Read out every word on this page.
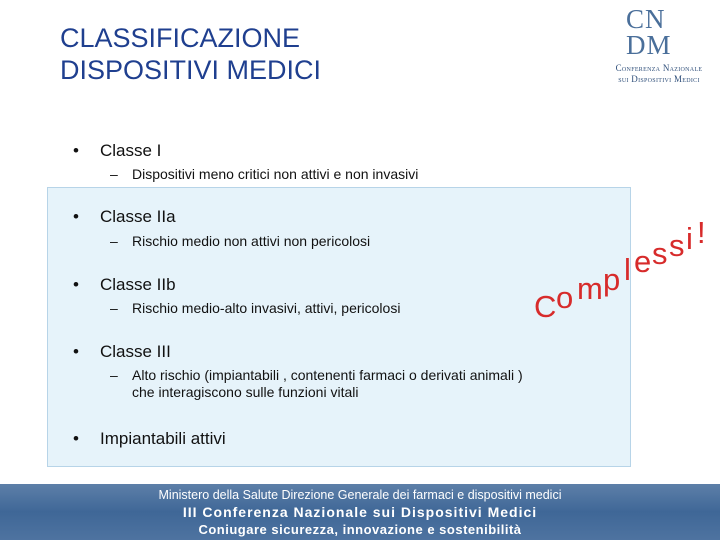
CLASSIFICAZIONE
DISPOSITIVI MEDICI
CN
DM
Conferenza Nazionale
sui Dispositivi Medici
• Classe I
– Dispositivi meno critici non attivi e non invasivi
• Classe IIa
– Rischio medio non attivi non pericolosi
• Classe IIb
– Rischio medio-alto invasivi, attivi, pericolosi
• Classe III
– Alto rischio (impiantabili , contenenti farmaci o derivati animali )
che interagiscono sulle funzioni vitali
• Impiantabili attivi
C o m p l e s s i !
Ministero della Salute Direzione Generale dei farmaci e dispositivi medici
III Conferenza Nazionale sui Dispositivi Medici
Coniugare sicurezza, innovazione e sostenibilità
